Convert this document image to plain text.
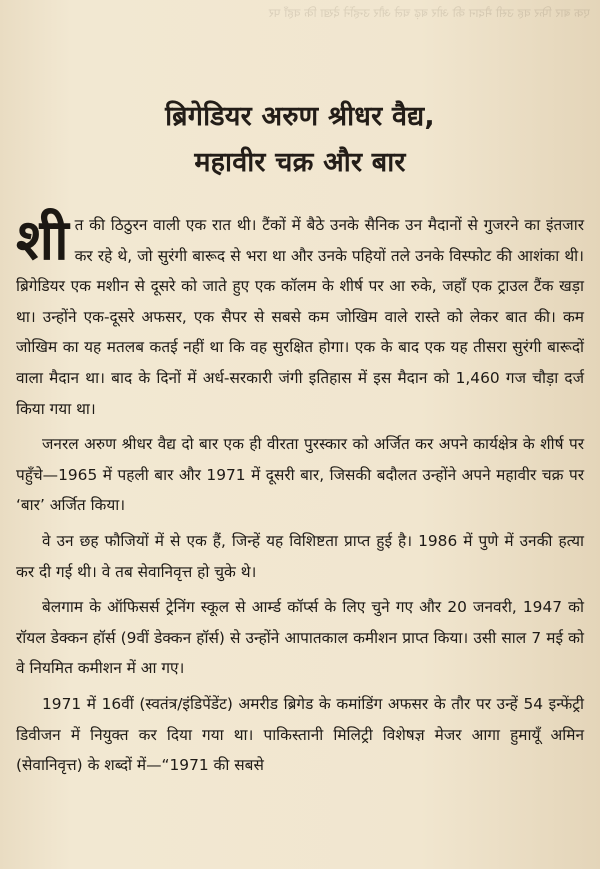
एक बार फिर वह उसी मैदान की ओर बढ़ चले और उन्होंने देखा कि वहाँ पर
ब्रिगेडियर अरुण श्रीधर वैद्य,
महावीर चक्र और बार

शीत की ठिठुरन वाली एक रात थी। टैंकों में बैठे उनके सैनिक उन मैदानों से गुजरने का इंतजार कर रहे थे, जो सुरंगी बारूद से भरा था और उनके पहियों तले उनके विस्फोट की आशंका थी। ब्रिगेडियर एक मशीन से दूसरे को जाते हुए एक कॉलम के शीर्ष पर आ रुके, जहाँ एक ट्राउल टैंक खड़ा था। उन्होंने एक-दूसरे अफसर, एक सैपर से सबसे कम जोखिम वाले रास्ते को लेकर बात की। कम जोखिम का यह मतलब कतई नहीं था कि वह सुरक्षित होगा। एक के बाद एक यह तीसरा सुरंगी बारूदों वाला मैदान था। बाद के दिनों में अर्ध-सरकारी जंगी इतिहास में इस मैदान को 1,460 गज चौड़ा दर्ज किया गया था।

जनरल अरुण श्रीधर वैद्य दो बार एक ही वीरता पुरस्कार को अर्जित कर अपने कार्यक्षेत्र के शीर्ष पर पहुँचे—1965 में पहली बार और 1971 में दूसरी बार, जिसकी बदौलत उन्होंने अपने महावीर चक्र पर ‘बार’ अर्जित किया।

वे उन छह फौजियों में से एक हैं, जिन्हें यह विशिष्टता प्राप्त हुई है। 1986 में पुणे में उनकी हत्या कर दी गई थी। वे तब सेवानिवृत्त हो चुके थे।

बेलगाम के ऑफिसर्स ट्रेनिंग स्कूल से आर्म्ड कॉर्प्स के लिए चुने गए और 20 जनवरी, 1947 को रॉयल डेक्कन हॉर्स (9वीं डेक्कन हॉर्स) से उन्होंने आपातकाल कमीशन प्राप्त किया। उसी साल 7 मई को वे नियमित कमीशन में आ गए।

1971 में 16वीं (स्वतंत्र/इंडिपेंडेंट) अमरीड ब्रिगेड के कमांडिंग अफसर के तौर पर उन्हें 54 इन्फेंट्री डिवीजन में नियुक्त कर दिया गया था। पाकिस्तानी मिलिट्री विशेषज्ञ मेजर आगा हुमायूँ अमिन (सेवानिवृत्त) के शब्दों में—“1971 की सबसे
